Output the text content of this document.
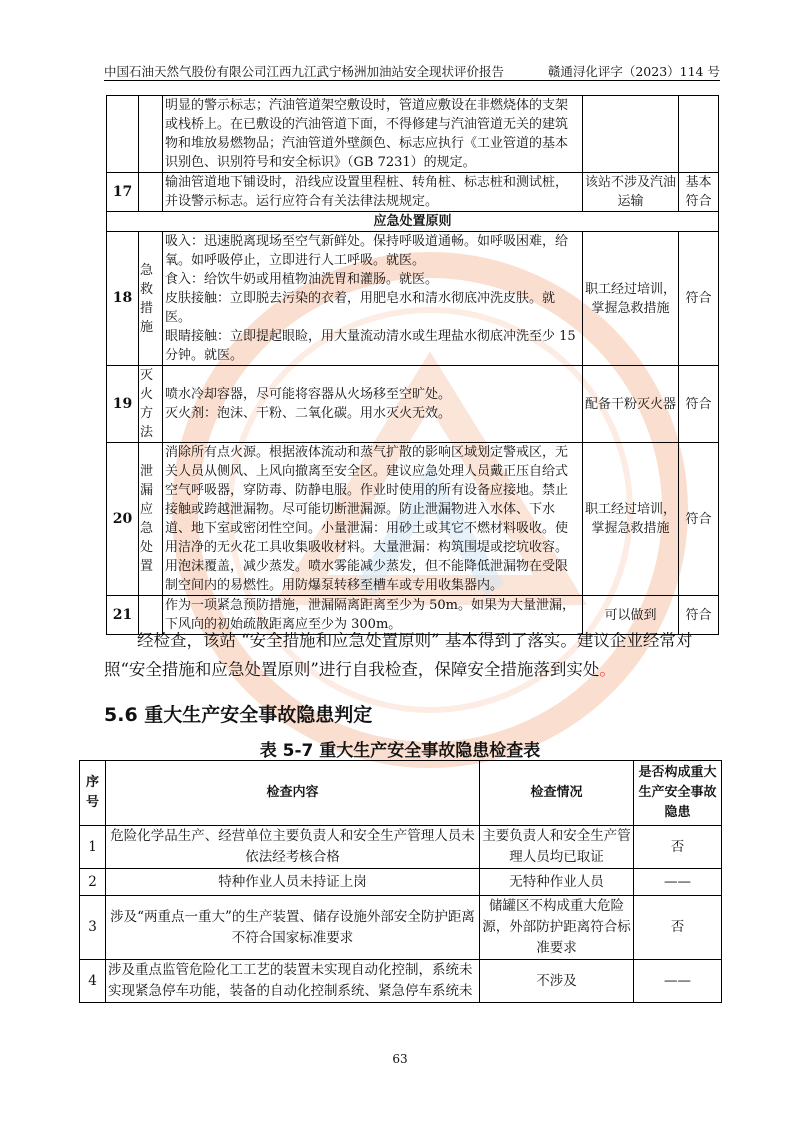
中国石油天然气股份有限公司江西九江武宁杨洲加油站安全现状评价报告	赣通浔化评字（2023）114 号
		明显的警示标志；汽油管道架空敷设时，管道应敷设在非燃烧体的支架或栈桥上。在已敷设的汽油管道下面，不得修建与汽油管道无关的建筑物和堆放易燃物品；汽油管道外壁颜色、标志应执行《工业管道的基本识别色、识别符号和安全标识》（GB 7231）的规定。		
17		输油管道地下铺设时，沿线应设置里程桩、转角桩、标志桩和测试桩，并设警示标志。运行应符合有关法律法规规定。	该站不涉及汽油运输	基本符合
应急处置原则				
18	急救措施	吸入：迅速脱离现场至空气新鲜处。保持呼吸道通畅。如呼吸困难，给氧。如呼吸停止，立即进行人工呼吸。就医。
食入：给饮牛奶或用植物油洗胃和灌肠。就医。
皮肤接触：立即脱去污染的衣着，用肥皂水和清水彻底冲洗皮肤。就医。
眼睛接触：立即提起眼睑，用大量流动清水或生理盐水彻底冲洗至少 15 分钟。就医。	职工经过培训，掌握急救措施	符合
19	灭火方法	喷水冷却容器，尽可能将容器从火场移至空旷处。
灭火剂：泡沫、干粉、二氧化碳。用水灭火无效。	配备干粉灭火器	符合
20	泄漏应急处置	消除所有点火源。根据液体流动和蒸气扩散的影响区域划定警戒区，无关人员从侧风、上风向撤离至安全区。建议应急处理人员戴正压自给式空气呼吸器，穿防毒、防静电服。作业时使用的所有设备应接地。禁止接触或跨越泄漏物。尽可能切断泄漏源。防止泄漏物进入水体、下水道、地下室或密闭性空间。小量泄漏：用砂土或其它不燃材料吸收。使用洁净的无火花工具收集吸收材料。大量泄漏：构筑围堤或挖坑收容。用泡沫覆盖，减少蒸发。喷水雾能减少蒸发，但不能降低泄漏物在受限制空间内的易燃性。用防爆泵转移至槽车或专用收集器内。	职工经过培训，掌握急救措施	符合
21		作为一项紧急预防措施，泄漏隔离距离至少为 50m。如果为大量泄漏，下风向的初始疏散距离应至少为 300m。	可以做到	符合
经检查，该站 “安全措施和应急处置原则” 基本得到了落实。建议企业经常对照“安全措施和应急处置原则”进行自我检查，保障安全措施落到实处。
5.6 重大生产安全事故隐患判定
表 5-7 重大生产安全事故隐患检查表
序号	检查内容	检查情况	是否构成重大生产安全事故隐患
1	危险化学品生产、经营单位主要负责人和安全生产管理人员未依法经考核合格	主要负责人和安全生产管理人员均已取证	否
2	特种作业人员未持证上岗	无特种作业人员	——
3	涉及“两重点一重大”的生产装置、储存设施外部安全防护距离不符合国家标准要求	储罐区不构成重大危险源，外部防护距离符合标准要求	否
4	涉及重点监管危险化工工艺的装置未实现自动化控制，系统未实现紧急停车功能，装备的自动化控制系统、紧急停车系统未	不涉及	——
63
